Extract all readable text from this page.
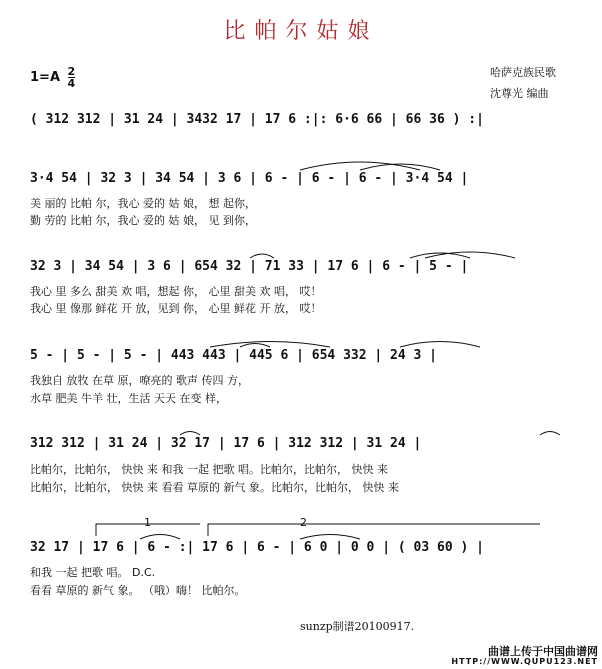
比帕尔姑娘
$1=A \frac{2}{4}$	哈萨克族民歌
沈尊光 编曲
( 312 312 | 31 24 | 3432 17 | 17 6 :|: 6·6 66 | 66 36 ) :|
3·4 54 | 32 3 | 34 54 | 3 6 | 6 - | 6 - | 6 - | 3·4 54 |
美 丽的 比帕 尔，我心 爱的 姑 娘， 想 起你，
勤 劳的 比帕 尔，我心 爱的 姑 娘， 见 到你，
32 3 | 34 54 | 3 6 | 654 32 | 71 33 | 17 6 | 6 - | 5 - |
我心 里 多么 甜美 欢 唱，想起 你， 心里 甜美 欢 唱， 哎！
我心 里 像那 鲜花 开 放，见到 你， 心里 鲜花 开 放， 哎！
5 - | 5 - | 5 - | 443 443 | 445 6 | 654 332 | 24 3 |
我独自 放牧 在草 原，嘹亮的 歌声 传四 方，
水草 肥美 牛羊 壮，生活 天天 在变 样，
312 312 | 31 24 | 32 17 | 17 6 | 312 312 | 31 24 |
比帕尔，比帕尔， 快快 来 和我 一起 把歌 唱。比帕尔，比帕尔， 快快 来
比帕尔，比帕尔， 快快 来 看看 草原的 新气 象。比帕尔，比帕尔， 快快 来
1	2
32 17 | 17 6 | 6 - :| 17 6 | 6 - | 6 0 | 0 0 | ( 03 60 ) |
和我 一起 把歌 唱。 D.C.
看看 草原的 新气 象。 （哦）嗨！ 比帕尔。
sunzp制谱20100917.
曲谱上传于中国曲谱网
HTTP://WWW.QUPU123.NET
